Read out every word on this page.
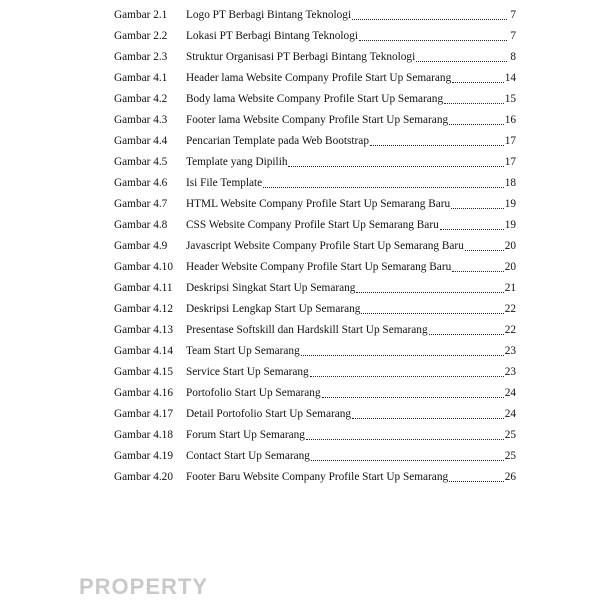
Gambar 2.1	Logo PT Berbagi Bintang Teknologi	7
Gambar 2.2	Lokasi PT Berbagi Bintang Teknologi	7
Gambar 2.3	Struktur Organisasi PT Berbagi Bintang Teknologi	8
Gambar 4.1	Header lama Website Company Profile Start Up Semarang	14
Gambar 4.2	Body lama Website Company Profile Start Up Semarang	15
Gambar 4.3	Footer lama Website Company Profile Start Up Semarang	16
Gambar 4.4	Pencarian Template pada Web Bootstrap	17
Gambar 4.5	Template yang Dipilih	17
Gambar 4.6	Isi File Template	18
Gambar 4.7	HTML Website Company Profile Start Up Semarang Baru	19
Gambar 4.8	CSS Website Company Profile Start Up Semarang Baru	19
Gambar 4.9	Javascript Website Company Profile Start Up Semarang Baru	20
Gambar 4.10	Header Website Company Profile Start Up Semarang Baru	20
Gambar 4.11	Deskripsi Singkat Start Up Semarang	21
Gambar 4.12	Deskripsi Lengkap Start Up Semarang	22
Gambar 4.13	Presentase Softskill dan Hardskill Start Up Semarang	22
Gambar 4.14	Team Start Up Semarang	23
Gambar 4.15	Service Start Up Semarang	23
Gambar 4.16	Portofolio Start Up Semarang	24
Gambar 4.17	Detail Portofolio Start Up Semarang	24
Gambar 4.18	Forum Start Up Semarang	25
Gambar 4.19	Contact Start Up Semarang	25
Gambar 4.20	Footer Baru Website Company Profile Start Up Semarang	26
PROPERTY
